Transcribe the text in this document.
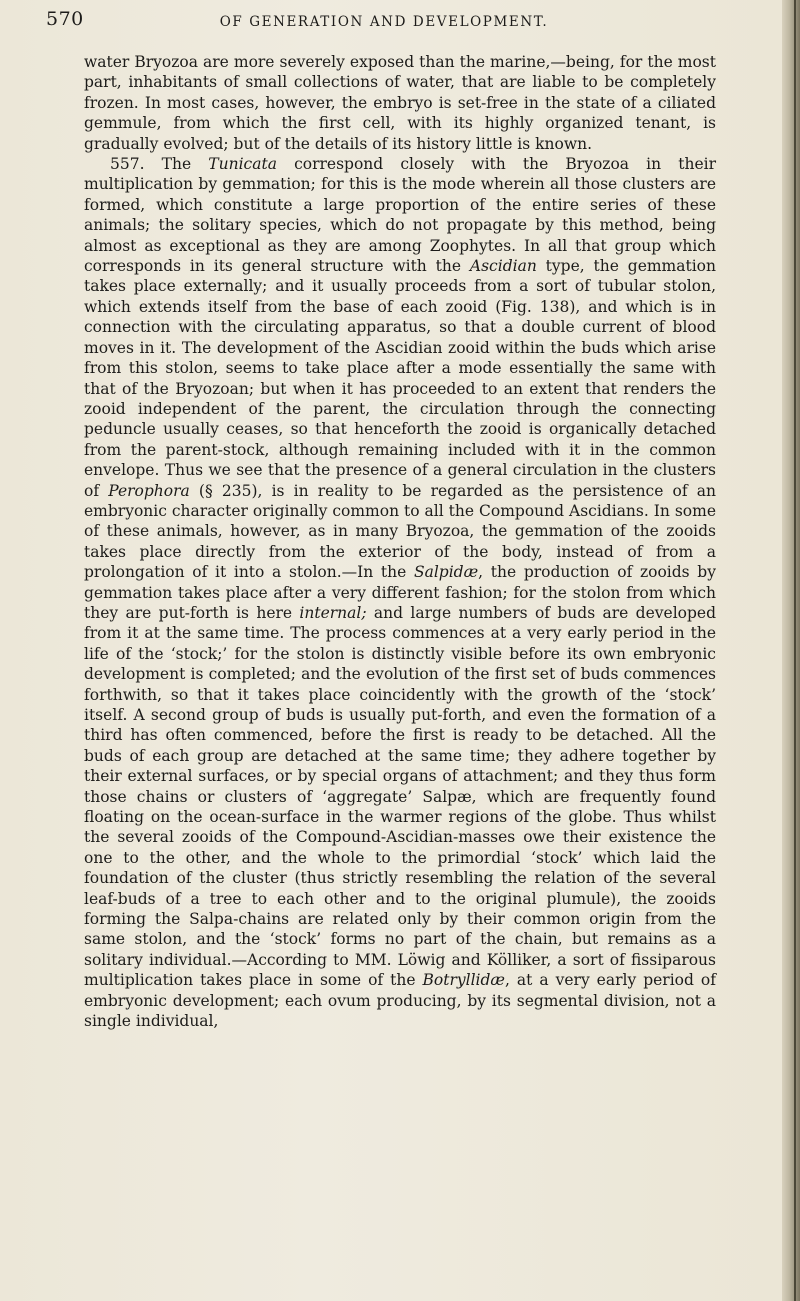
570	OF GENERATION AND DEVELOPMENT.

water Bryozoa are more severely exposed than the marine,—being, for the most part, inhabitants of small collections of water, that are liable to be completely frozen. In most cases, however, the embryo is set-free in the state of a ciliated gemmule, from which the first cell, with its highly organized tenant, is gradually evolved; but of the details of its history little is known.

557. The Tunicata correspond closely with the Bryozoa in their multiplication by gemmation; for this is the mode wherein all those clusters are formed, which constitute a large proportion of the entire series of these animals; the solitary species, which do not propagate by this method, being almost as exceptional as they are among Zoophytes. In all that group which corresponds in its general structure with the Ascidian type, the gemmation takes place externally; and it usually proceeds from a sort of tubular stolon, which extends itself from the base of each zooid (Fig. 138), and which is in connection with the circulating apparatus, so that a double current of blood moves in it. The development of the Ascidian zooid within the buds which arise from this stolon, seems to take place after a mode essentially the same with that of the Bryozoan; but when it has proceeded to an extent that renders the zooid independent of the parent, the circulation through the connecting peduncle usually ceases, so that henceforth the zooid is organically detached from the parent-stock, although remaining included with it in the common envelope. Thus we see that the presence of a general circulation in the clusters of Perophora (§ 235), is in reality to be regarded as the persistence of an embryonic character originally common to all the Compound Ascidians. In some of these animals, however, as in many Bryozoa, the gemmation of the zooids takes place directly from the exterior of the body, instead of from a prolongation of it into a stolon.—In the Salpidæ, the production of zooids by gemmation takes place after a very different fashion; for the stolon from which they are put-forth is here internal; and large numbers of buds are developed from it at the same time. The process commences at a very early period in the life of the ‘stock;’ for the stolon is distinctly visible before its own embryonic development is completed; and the evolution of the first set of buds commences forthwith, so that it takes place coincidently with the growth of the ‘stock’ itself. A second group of buds is usually put-forth, and even the formation of a third has often commenced, before the first is ready to be detached. All the buds of each group are detached at the same time; they adhere together by their external surfaces, or by special organs of attachment; and they thus form those chains or clusters of ‘aggregate’ Salpæ, which are frequently found floating on the ocean-surface in the warmer regions of the globe. Thus whilst the several zooids of the Compound-Ascidian-masses owe their existence the one to the other, and the whole to the primordial ‘stock’ which laid the foundation of the cluster (thus strictly resembling the relation of the several leaf-buds of a tree to each other and to the original plumule), the zooids forming the Salpa-chains are related only by their common origin from the same stolon, and the ‘stock’ forms no part of the chain, but remains as a solitary individual.—According to MM. Löwig and Kölliker, a sort of fissiparous multiplication takes place in some of the Botryllidæ, at a very early period of embryonic development; each ovum producing, by its segmental division, not a single individual,
